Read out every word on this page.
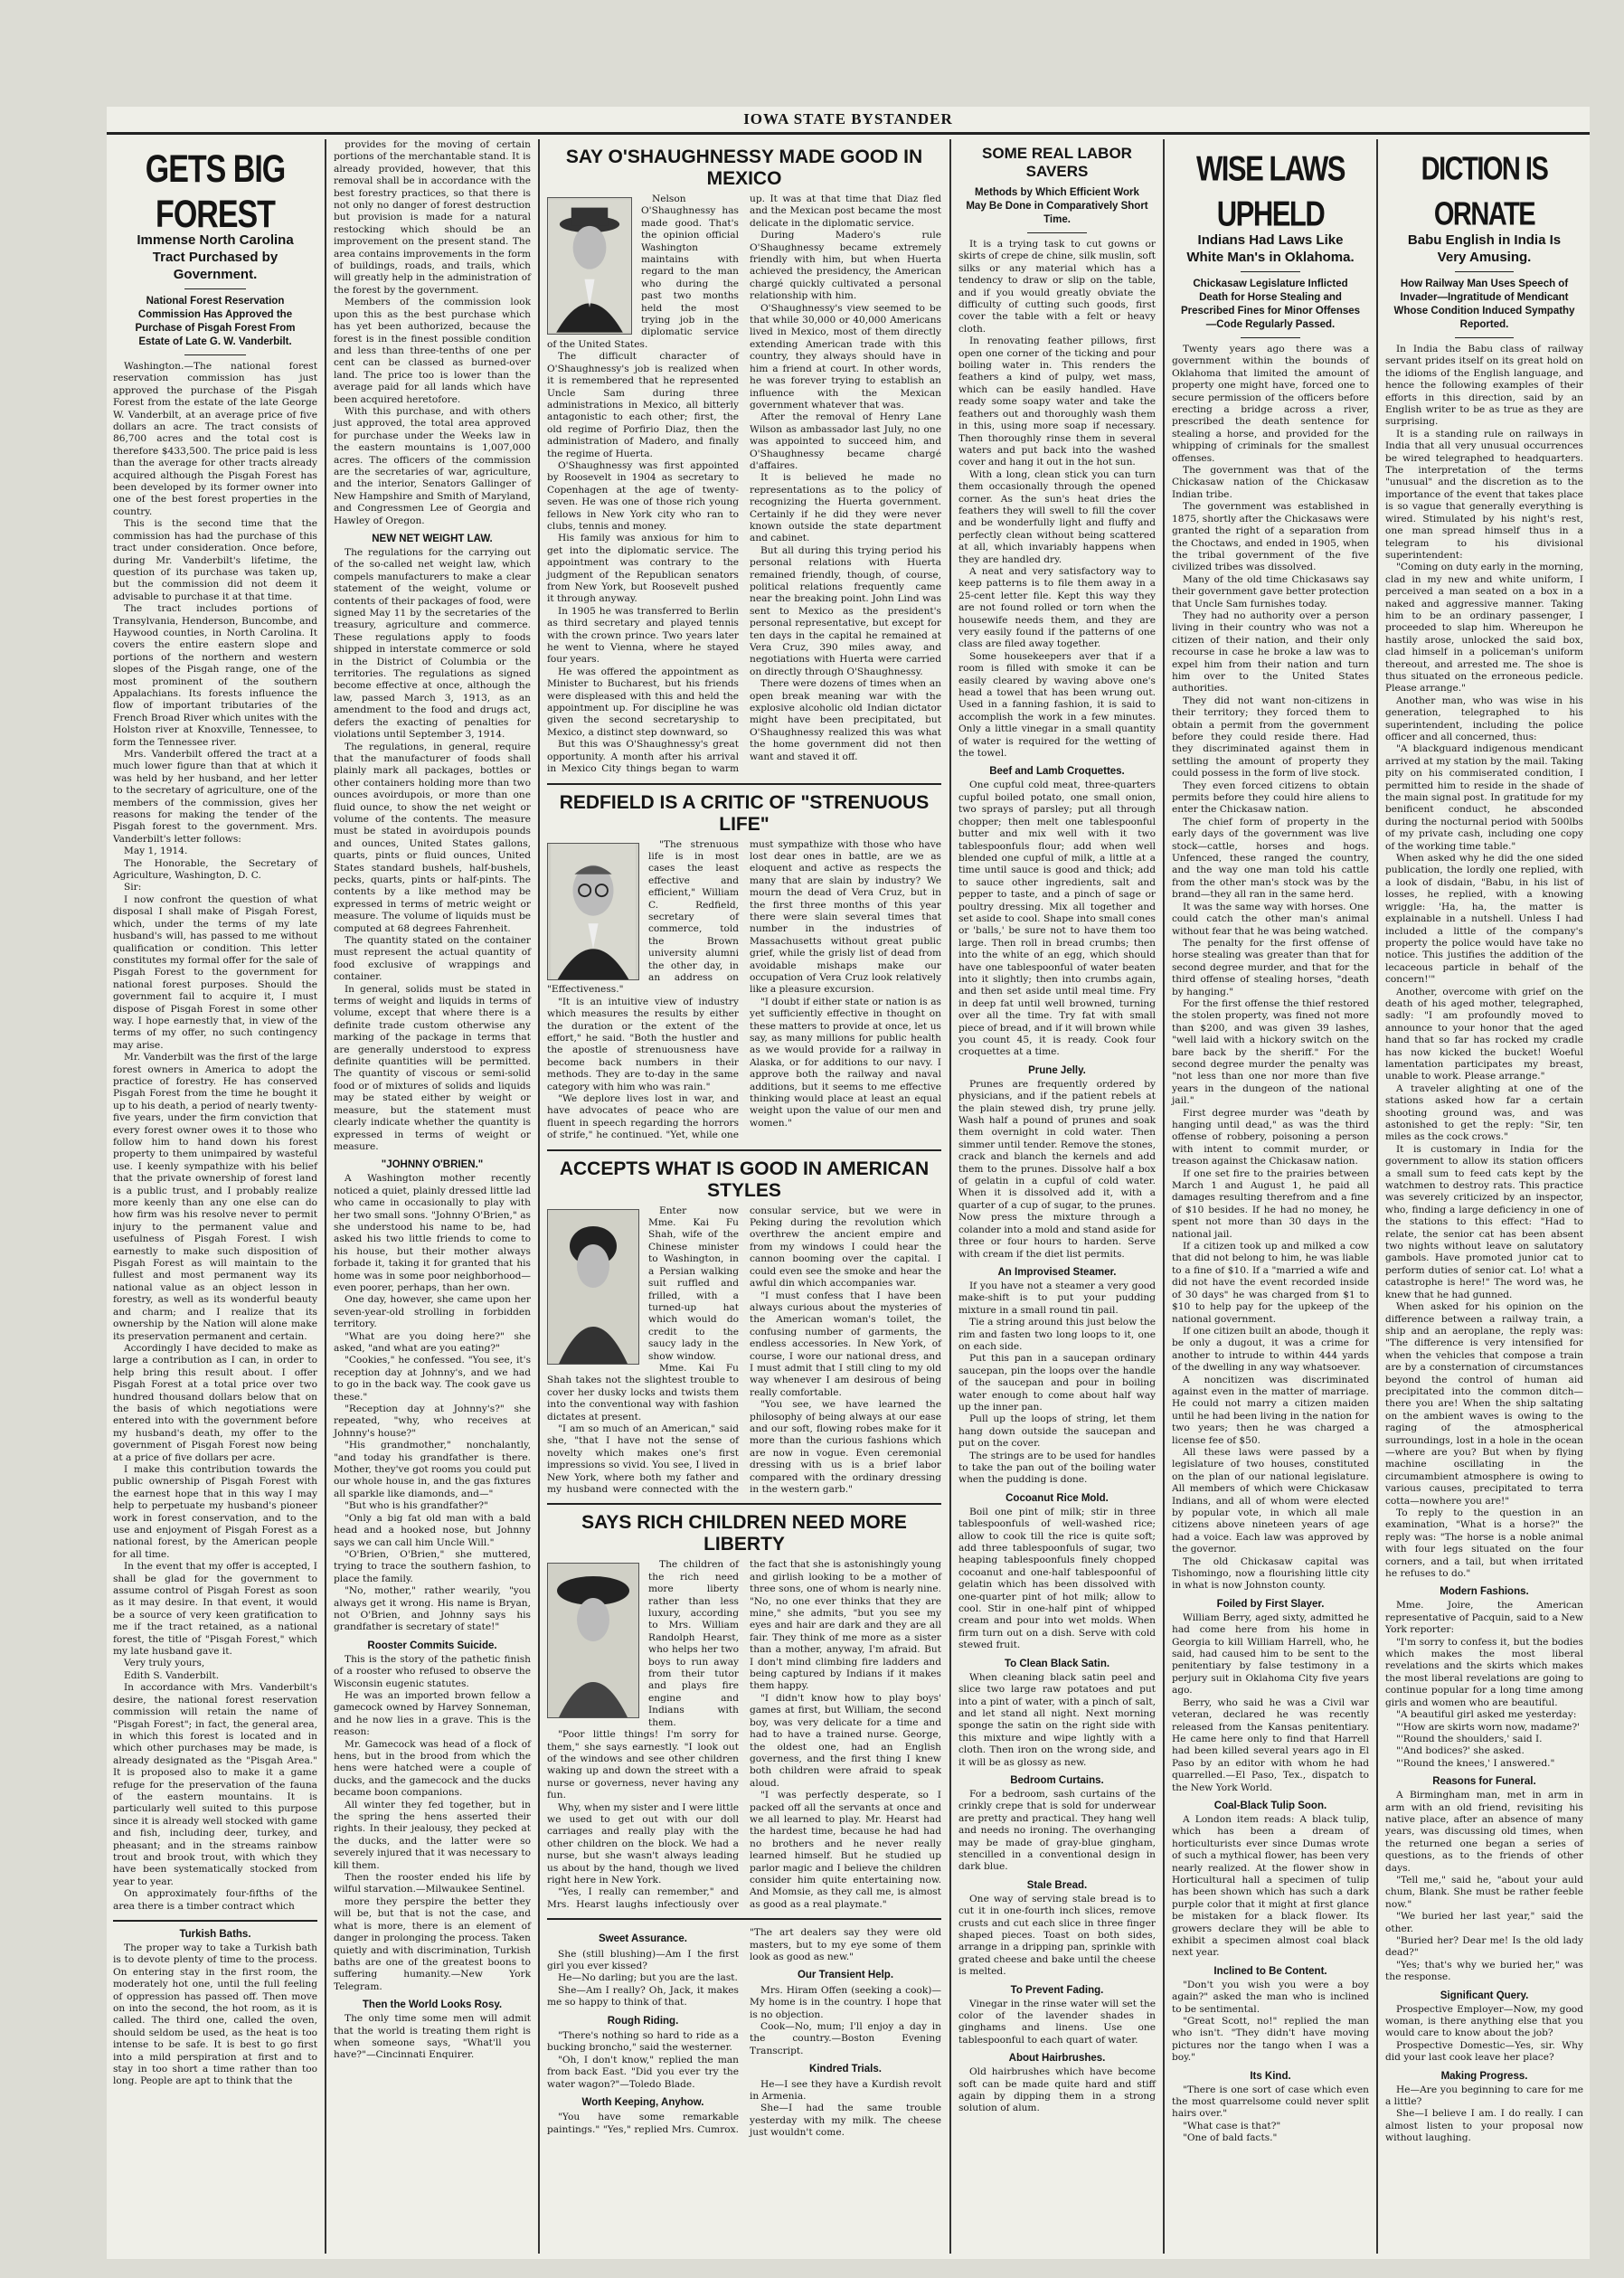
IOWA STATE BYSTANDER
GETS BIG FOREST
Immense North Carolina Tract Purchased by Government.
National Forest Reservation Commission Has Approved the Purchase of Pisgah Forest From Estate of Late G. W. Vanderbilt.

Washington.—The national forest reservation commission has just approved the purchase of the Pisgah Forest from the estate of the late George W. Vanderbilt, at an average price of five dollars an acre. The tract consists of 86,700 acres and the total cost is therefore $433,500. The price paid is less than the average for other tracts already acquired although the Pisgah Forest has been developed by its former owner into one of the best forest properties in the country.

This is the second time that the commission has had the purchase of this tract under consideration. Once before, during Mr. Vanderbilt's lifetime, the question of its purchase was taken up, but the commission did not deem it advisable to purchase it at that time.

The tract includes portions of Transylvania, Henderson, Buncombe, and Haywood counties, in North Carolina. It covers the entire eastern slope and portions of the northern and western slopes of the Pisgah range, one of the most prominent of the southern Appalachians. Its forests influence the flow of important tributaries of the French Broad River which unites with the Holston river at Knoxville, Tennessee, to form the Tennessee river.

Mrs. Vanderbilt offered the tract at a much lower figure than that at which it was held by her husband, and her letter to the secretary of agriculture, one of the members of the commission, gives her reasons for making the tender of the Pisgah forest to the government. Mrs. Vanderbilt's letter follows:

May 1, 1914.

The Honorable, the Secretary of Agriculture, Washington, D. C.

Sir:

I now confront the question of what disposal I shall make of Pisgah Forest, which, under the terms of my late husband's will, has passed to me without qualification or condition. This letter constitutes my formal offer for the sale of Pisgah Forest to the government for national forest purposes. Should the government fail to acquire it, I must dispose of Pisgah Forest in some other way. I hope earnestly that, in view of the terms of my offer, no such contingency may arise.

Mr. Vanderbilt was the first of the large forest owners in America to adopt the practice of forestry. He has conserved Pisgah Forest from the time he bought it up to his death, a period of nearly twenty-five years, under the firm conviction that every forest owner owes it to those who follow him to hand down his forest property to them unimpaired by wasteful use. I keenly sympathize with his belief that the private ownership of forest land is a public trust, and I probably realize more keenly than any one else can do how firm was his resolve never to permit injury to the permanent value and usefulness of Pisgah Forest. I wish earnestly to make such disposition of Pisgah Forest as will maintain to the fullest and most permanent way its national value as an object lesson in forestry, as well as its wonderful beauty and charm; and I realize that its ownership by the Nation will alone make its preservation permanent and certain.

Accordingly I have decided to make as large a contribution as I can, in order to help bring this result about. I offer Pisgah Forest at a total price over two hundred thousand dollars below that on the basis of which negotiations were entered into with the government before my husband's death, my offer to the government of Pisgah Forest now being at a price of five dollars per acre.

I make this contribution towards the public ownership of Pisgah Forest with the earnest hope that in this way I may help to perpetuate my husband's pioneer work in forest conservation, and to the use and enjoyment of Pisgah Forest as a national forest, by the American people for all time.

In the event that my offer is accepted, I shall be glad for the government to assume control of Pisgah Forest as soon as it may desire. In that event, it would be a source of very keen gratification to me if the tract retained, as a national forest, the title of "Pisgah Forest," which my late husband gave it.

Very truly yours,

Edith S. Vanderbilt.

In accordance with Mrs. Vanderbilt's desire, the national forest reservation commission will retain the name of "Pisgah Forest"; in fact, the general area, in which this forest is located and in which other purchases may be made, is already designated as the "Pisgah Area." It is proposed also to make it a game refuge for the preservation of the fauna of the eastern mountains. It is particularly well suited to this purpose since it is already well stocked with game and fish, including deer, turkey, and pheasant; and in the streams rainbow trout and brook trout, with which they have been systematically stocked from year to year.

On approximately four-fifths of the area there is a timber contract which

Turkish Baths.

The proper way to take a Turkish bath is to devote plenty of time to the process. On entering stay in the first room, the moderately hot one, until the full feeling of oppression has passed off. Then move on into the second, the hot room, as it is called. The third one, called the oven, should seldom be used, as the heat is too intense to be safe. It is best to go first into a mild perspiration at first and to stay in too short a time rather than too long. People are apt to think that the

provides for the moving of certain portions of the merchantable stand. It is already provided, however, that this removal shall be in accordance with the best forestry practices, so that there is not only no danger of forest destruction but provision is made for a natural restocking which should be an improvement on the present stand. The area contains improvements in the form of buildings, roads, and trails, which will greatly help in the administration of the forest by the government.

Members of the commission look upon this as the best purchase which has yet been authorized, because the forest is in the finest possible condition and less than three-tenths of one per cent can be classed as burned-over land. The price too is lower than the average paid for all lands which have been acquired heretofore.

With this purchase, and with others just approved, the total area approved for purchase under the Weeks law in the eastern mountains is 1,007,000 acres. The officers of the commission are the secretaries of war, agriculture, and the interior, Senators Gallinger of New Hampshire and Smith of Maryland, and Congressmen Lee of Georgia and Hawley of Oregon.

NEW NET WEIGHT LAW.

The regulations for the carrying out of the so-called net weight law, which compels manufacturers to make a clear statement of the weight, volume or contents of their packages of food, were signed May 11 by the secretaries of the treasury, agriculture and commerce. These regulations apply to foods shipped in interstate commerce or sold in the District of Columbia or the territories. The regulations as signed become effective at once, although the law, passed March 3, 1913, as an amendment to the food and drugs act, defers the exacting of penalties for violations until September 3, 1914.

The regulations, in general, require that the manufacturer of foods shall plainly mark all packages, bottles or other containers holding more than two ounces avoirdupois, or more than one fluid ounce, to show the net weight or volume of the contents. The measure must be stated in avoirdupois pounds and ounces, United States gallons, quarts, pints or fluid ounces, United States standard bushels, half-bushels, pecks, quarts, pints or half-pints. The contents by a like method may be expressed in terms of metric weight or measure. The volume of liquids must be computed at 68 degrees Fahrenheit.

The quantity stated on the container must represent the actual quantity of food exclusive of wrappings and container.

In general, solids must be stated in terms of weight and liquids in terms of volume, except that where there is a definite trade custom otherwise any marking of the package in terms that are generally understood to express definite quantities will be permitted. The quantity of viscous or semi-solid food or of mixtures of solids and liquids may be stated either by weight or measure, but the statement must clearly indicate whether the quantity is expressed in terms of weight or measure.

"JOHNNY O'BRIEN."

A Washington mother recently noticed a quiet, plainly dressed little lad who came in occasionally to play with her two small sons. "Johnny O'Brien," as she understood his name to be, had asked his two little friends to come to his house, but their mother always forbade it, taking it for granted that his home was in some poor neighborhood—even poorer, perhaps, than her own.

One day, however, she came upon her seven-year-old strolling in forbidden territory.

"What are you doing here?" she asked, "and what are you eating?"

"Cookies," he confessed. "You see, it's reception day at Johnny's, and we had to go in the back way. The cook gave us these."

"Reception day at Johnny's?" she repeated, "why, who receives at Johnny's house?"

"His grandmother," nonchalantly, "and today his grandfather is there. Mother, they've got rooms you could put our whole house in, and the gas fixtures all sparkle like diamonds, and—"

"But who is his grandfather?"

"Only a big fat old man with a bald head and a hooked nose, but Johnny says we can call him Uncle Will."

"O'Brien, O'Brien," she muttered, trying to trace the southern fashion, to place the family.

"No, mother," rather wearily, "you always get it wrong. His name is Bryan, not O'Brien, and Johnny says his grandfather is secretary of state!"

Rooster Commits Suicide.

This is the story of the pathetic finish of a rooster who refused to observe the Wisconsin eugenic statutes.

He was an imported brown fellow a gamecock owned by Harvey Sonneman, and he now lies in a grave. This is the reason:

Mr. Gamecock was head of a flock of hens, but in the brood from which the hens were hatched were a couple of ducks, and the gamecock and the ducks became boon companions.

All winter they fed together, but in the spring the hens asserted their rights. In their jealousy, they pecked at the ducks, and the latter were so severely injured that it was necessary to kill them.

Then the rooster ended his life by wilful starvation.—Milwaukee Sentinel.

more they perspire the better they will be, but that is not the case, and what is more, there is an element of danger in prolonging the process. Taken quietly and with discrimination, Turkish baths are one of the greatest boons to suffering humanity.—New York Telegram.

Then the World Looks Rosy.

The only time some men will admit that the world is treating them right is when someone says, "What'll you have?"—Cincinnati Enquirer.

SAY O'SHAUGHNESSY MADE GOOD IN MEXICO

Nelson O'Shaughnessy has made good. That's the opinion official Washington maintains with regard to the man who during the past two months held the most trying job in the diplomatic service of the United States.

The difficult character of O'Shaughnessy's job is realized when it is remembered that he represented Uncle Sam during three administrations in Mexico, all bitterly antagonistic to each other; first, the old regime of Porfirio Diaz, then the administration of Madero, and finally the regime of Huerta.

O'Shaughnessy was first appointed by Roosevelt in 1904 as secretary to Copenhagen at the age of twenty-seven. He was one of those rich young fellows in New York city who ran to clubs, tennis and money.

His family was anxious for him to get into the diplomatic service. The appointment was contrary to the judgment of the Republican senators from New York, but Roosevelt pushed it through anyway.

In 1905 he was transferred to Berlin as third secretary and played tennis with the crown prince. Two years later he went to Vienna, where he stayed four years.

He was offered the appointment as Minister to Bucharest, but his friends were displeased with this and held the appointment up. For discipline he was given the second secretaryship to Mexico, a distinct step downward, so

But this was O'Shaughnessy's great opportunity. A month after his arrival in Mexico City things began to warm up. It was at that time that Diaz fled and the Mexican post became the most delicate in the diplomatic service.

During Madero's rule O'Shaughnessy became extremely friendly with him, but when Huerta achieved the presidency, the American chargé quickly cultivated a personal relationship with him.

O'Shaughnessy's view seemed to be that while 30,000 or 40,000 Americans lived in Mexico, most of them directly extending American trade with this country, they always should have in him a friend at court. In other words, he was forever trying to establish an influence with the Mexican government whatever that was.

After the removal of Henry Lane Wilson as ambassador last July, no one was appointed to succeed him, and O'Shaughnessy became chargé d'affaires.

It is believed he made no representations as to the policy of recognizing the Huerta government. Certainly if he did they were never known outside the state department and cabinet.

But all during this trying period his personal relations with Huerta remained friendly, though, of course, political relations frequently came near the breaking point. John Lind was sent to Mexico as the president's personal representative, but except for ten days in the capital he remained at Vera Cruz, 390 miles away, and negotiations with Huerta were carried on directly through O'Shaughnessy.

There were dozens of times when an open break meaning war with the explosive alcoholic old Indian dictator might have been precipitated, but O'Shaughnessy realized this was what the home government did not then want and staved it off.

REDFIELD IS A CRITIC OF "STRENUOUS LIFE"

"The strenuous life is in most cases the least effective and efficient," William C. Redfield, secretary of commerce, told the Brown university alumni the other day, in an address on "Effectiveness."

"It is an intuitive view of industry which measures the results by either the duration or the extent of the effort," he said. "Both the hustler and the apostle of strenuousness have become back numbers in their methods. They are to-day in the same category with him who was rain."

"We deplore lives lost in war, and have advocates of peace who are fluent in speech regarding the horrors of strife," he continued. "Yet, while one must sympathize with those who have lost dear ones in battle, are we as eloquent and active as respects the many that are slain by industry? We mourn the dead of Vera Cruz, but in the first three months of this year there were slain several times that number in the industries of Massachusetts without great public grief, while the grisly list of dead from avoidable mishaps make our occupation of Vera Cruz look relatively like a pleasure excursion.

"I doubt if either state or nation is as yet sufficiently effective in thought on these matters to provide at once, let us say, as many millions for public health as we would provide for a railway in Alaska, or for additions to our navy. I approve both the railway and naval additions, but it seems to me effective thinking would place at least an equal weight upon the value of our men and women."

ACCEPTS WHAT IS GOOD IN AMERICAN STYLES

Enter now Mme. Kai Fu Shah, wife of the Chinese minister to Washington, in a Persian walking suit ruffled and frilled, with a turned-up hat which would do credit to the saucy lady in the show window.

Mme. Kai Fu Shah takes not the slightest trouble to cover her dusky locks and twists them into the conventional way with fashion dictates at present.

"I am so much of an American," said she, "that I have not the sense of novelty which makes one's first impressions so vivid. You see, I lived in New York, where both my father and my husband were connected with the consular service, but we were in Peking during the revolution which overthrew the ancient empire and from my windows I could hear the cannon booming over the capital. I could even see the smoke and hear the awful din which accompanies war.

"I must confess that I have been always curious about the mysteries of the American woman's toilet, the confusing number of garments, the endless accessories. In New York, of course, I wore our national dress, and I must admit that I still cling to my old way whenever I am desirous of being really comfortable.

"You see, we have learned the philosophy of being always at our ease and our soft, flowing robes make for it more than the curious fashions which are now in vogue. Even ceremonial dressing with us is a brief labor compared with the ordinary dressing in the western garb."

SAYS RICH CHILDREN NEED MORE LIBERTY

The children of the rich need more liberty rather than less luxury, according to Mrs. William Randolph Hearst, who helps her two boys to run away from their tutor and plays fire engine and Indians with them.

"Poor little things! I'm sorry for them," she says earnestly. "I look out of the windows and see other children waking up and down the street with a nurse or governess, never having any fun.

Why, when my sister and I were little we used to get out with our doll carriages and really play with the other children on the block. We had a nurse, but she wasn't always leading us about by the hand, though we lived right here in New York.

"Yes, I really can remember," and Mrs. Hearst laughs infectiously over the fact that she is astonishingly young and girlish looking to be a mother of three sons, one of whom is nearly nine. "No, no one ever thinks that they are mine," she admits, "but you see my eyes and hair are dark and they are all fair. They think of me more as a sister than a mother, anyway, I'm afraid. But I don't mind climbing fire ladders and being captured by Indians if it makes them happy.

"I didn't know how to play boys' games at first, but William, the second boy, was very delicate for a time and had to have a trained nurse. George, the oldest one, had an English governess, and the first thing I knew both children were afraid to speak aloud.

"I was perfectly desperate, so I packed off all the servants at once and we all learned to play. Mr. Hearst had the hardest time, because he had had no brothers and he never really learned himself. But he studied up parlor magic and I believe the children consider him quite entertaining now. And Momsie, as they call me, is almost as good as a real playmate."

Sweet Assurance.

She (still blushing)—Am I the first girl you ever kissed?

He—No darling; but you are the last.

She—Am I really? Oh, Jack, it makes me so happy to think of that.

Rough Riding.

"There's nothing so hard to ride as a bucking broncho," said the westerner.

"Oh, I don't know," replied the man from back East. "Did you ever try the water wagon?"—Toledo Blade.

Worth Keeping, Anyhow.

"You have some remarkable paintings." "Yes," replied Mrs. Cumrox. "The art dealers say they were old masters, but to my eye some of them look as good as new."

Our Transient Help.

Mrs. Hiram Offen (seeking a cook)—My home is in the country. I hope that is no objection.

Cook—No, mum; I'll enjoy a day in the country.—Boston Evening Transcript.

Kindred Trials.

He—I see they have a Kurdish revolt in Armenia.

She—I had the same trouble yesterday with my milk. The cheese just wouldn't come.

SOME REAL LABOR SAVERS
Methods by Which Efficient Work May Be Done in Comparatively Short Time.

It is a trying task to cut gowns or skirts of crepe de chine, silk muslin, soft silks or any material which has a tendency to draw or slip on the table, and if you would greatly obviate the difficulty of cutting such goods, first cover the table with a felt or heavy cloth.

In renovating feather pillows, first open one corner of the ticking and pour boiling water in. This renders the feathers a kind of pulpy, wet mass, which can be easily handled. Have ready some soapy water and take the feathers out and thoroughly wash them in this, using more soap if necessary. Then thoroughly rinse them in several waters and put back into the washed cover and hang it out in the hot sun.

With a long, clean stick you can turn them occasionally through the opened corner. As the sun's heat dries the feathers they will swell to fill the cover and be wonderfully light and fluffy and perfectly clean without being scattered at all, which invariably happens when they are handled dry.

A neat and very satisfactory way to keep patterns is to file them away in a 25-cent letter file. Kept this way they are not found rolled or torn when the housewife needs them, and they are very easily found if the patterns of one class are filed away together.

Some housekeepers aver that if a room is filled with smoke it can be easily cleared by waving above one's head a towel that has been wrung out. Used in a fanning fashion, it is said to accomplish the work in a few minutes. Only a little vinegar in a small quantity of water is required for the wetting of the towel.

Beef and Lamb Croquettes.

One cupful cold meat, three-quarters cupful boiled potato, one small onion, two sprays of parsley; put all through chopper; then melt one tablespoonful butter and mix well with it two tablespoonfuls flour; add when well blended one cupful of milk, a little at a time until sauce is good and thick; add to sauce other ingredients, salt and pepper to taste, and a pinch of sage or poultry dressing. Mix all together and set aside to cool. Shape into small cones or 'balls,' be sure not to have them too large. Then roll in bread crumbs; then into the white of an egg, which should have one tablespoonful of water beaten into it slightly; then into crumbs again, and then set aside until meal time. Fry in deep fat until well browned, turning over all the time. Try fat with small piece of bread, and if it will brown while you count 45, it is ready. Cook four croquettes at a time.

Prune Jelly.

Prunes are frequently ordered by physicians, and if the patient rebels at the plain stewed dish, try prune jelly. Wash half a pound of prunes and soak them overnight in cold water. Then simmer until tender. Remove the stones, crack and blanch the kernels and add them to the prunes. Dissolve half a box of gelatin in a cupful of cold water. When it is dissolved add it, with a quarter of a cup of sugar, to the prunes. Now press the mixture through a colander into a mold and stand aside for three or four hours to harden. Serve with cream if the diet list permits.

An Improvised Steamer.

If you have not a steamer a very good make-shift is to put your pudding mixture in a small round tin pail.

Tie a string around this just below the rim and fasten two long loops to it, one on each side.

Put this pan in a saucepan ordinary saucepan, pin the loops over the handle of the saucepan and pour in boiling water enough to come about half way up the inner pan.

Pull up the loops of string, let them hang down outside the saucepan and put on the cover.

The strings are to be used for handles to take the pan out of the boiling water when the pudding is done.

Cocoanut Rice Mold.

Boil one pint of milk; stir in three tablespoonfuls of well-washed rice; allow to cook till the rice is quite soft; add three tablespoonfuls of sugar, two heaping tablespoonfuls finely chopped cocoanut and one-half tablespoonful of gelatin which has been dissolved with one-quarter pint of hot milk; allow to cool. Stir in one-half pint of whipped cream and pour into wet molds. When firm turn out on a dish. Serve with cold stewed fruit.

To Clean Black Satin.

When cleaning black satin peel and slice two large raw potatoes and put into a pint of water, with a pinch of salt, and let stand all night. Next morning sponge the satin on the right side with this mixture and wipe lightly with a cloth. Then iron on the wrong side, and it will be as glossy as new.

Bedroom Curtains.

For a bedroom, sash curtains of the crinkly crepe that is sold for underwear are pretty and practical. They hang well and needs no ironing. The overhanging may be made of gray-blue gingham, stencilled in a conventional design in dark blue.

Stale Bread.

One way of serving stale bread is to cut it in one-fourth inch slices, remove crusts and cut each slice in three finger shaped pieces. Toast on both sides, arrange in a dripping pan, sprinkle with grated cheese and bake until the cheese is melted.

To Prevent Fading.

Vinegar in the rinse water will set the color of the lavender shades in ginghams and linens. Use one tablespoonful to each quart of water.

About Hairbrushes.

Old hairbrushes which have become soft can be made quite hard and stiff again by dipping them in a strong solution of alum.

WISE LAWS UPHELD
Indians Had Laws Like White Man's in Oklahoma.
Chickasaw Legislature Inflicted Death for Horse Stealing and Prescribed Fines for Minor Offenses—Code Regularly Passed.

Twenty years ago there was a government within the bounds of Oklahoma that limited the amount of property one might have, forced one to secure permission of the officers before erecting a bridge across a river, prescribed the death sentence for stealing a horse, and provided for the whipping of criminals for the smallest offenses.

The government was that of the Chickasaw nation of the Chickasaw Indian tribe.

The government was established in 1875, shortly after the Chickasaws were granted the right of a separation from the Choctaws, and ended in 1905, when the tribal government of the five civilized tribes was dissolved.

Many of the old time Chickasaws say their government gave better protection that Uncle Sam furnishes today.

They had no authority over a person living in their country who was not a citizen of their nation, and their only recourse in case he broke a law was to expel him from their nation and turn him over to the United States authorities.

They did not want non-citizens in their territory; they forced them to obtain a permit from the government before they could reside there. Had they discriminated against them in settling the amount of property they could possess in the form of live stock.

They even forced citizens to obtain permits before they could hire aliens to enter the Chickasaw nation.

The chief form of property in the early days of the government was live stock—cattle, horses and hogs. Unfenced, these ranged the country, and the way one man told his cattle from the other man's stock was by the brand—they all ran in the same herd.

It was the same way with horses. One could catch the other man's animal without fear that he was being watched.

The penalty for the first offense of horse stealing was greater than that for second degree murder, and that for the third offense of stealing horses, "death by hanging."

For the first offense the thief restored the stolen property, was fined not more than $200, and was given 39 lashes, "well laid with a hickory switch on the bare back by the sheriff." For the second degree murder the penalty was "not less than one nor more than five years in the dungeon of the national jail."

First degree murder was "death by hanging until dead," as was the third offense of robbery, poisoning a person with intent to commit murder, or treason against the Chickasaw nation.

If one set fire to the prairies between March 1 and August 1, he paid all damages resulting therefrom and a fine of $10 besides. If he had no money, he spent not more than 30 days in the national jail.

If a citizen took up and milked a cow that did not belong to him, he was liable to a fine of $10. If a "married a wife and did not have the event recorded inside of 30 days" he was charged from $1 to $10 to help pay for the upkeep of the national government.

If one citizen built an abode, though it be only a dugout, it was a crime for another to intrude to within 444 yards of the dwelling in any way whatsoever.

A noncitizen was discriminated against even in the matter of marriage. He could not marry a citizen maiden until he had been living in the nation for two years; then he was charged a license fee of $50.

All these laws were passed by a legislature of two houses, constituted on the plan of our national legislature. All members of which were Chickasaw Indians, and all of whom were elected by popular vote, in which all male citizens above nineteen years of age had a voice. Each law was approved by the governor.

The old Chickasaw capital was Tishomingo, now a flourishing little city in what is now Johnston county.

Foiled by First Slayer.

William Berry, aged sixty, admitted he had come here from his home in Georgia to kill William Harrell, who, he said, had caused him to be sent to the penitentiary by false testimony in a perjury suit in Oklahoma City five years ago.

Berry, who said he was a Civil war veteran, declared he was recently released from the Kansas penitentiary. He came here only to find that Harrell had been killed several years ago in El Paso by an editor with whom he had quarrelled.—El Paso, Tex., dispatch to the New York World.

Coal-Black Tulip Soon.

A London item reads: A black tulip, which has been a dream of horticulturists ever since Dumas wrote of such a mythical flower, has been very nearly realized. At the flower show in Horticultural hall a specimen of tulip has been shown which has such a dark purple color that it might at first glance be mistaken for a black flower. Its growers declare they will be able to exhibit a specimen almost coal black next year.

Inclined to Be Content.

"Don't you wish you were a boy again?" asked the man who is inclined to be sentimental.

"Great Scott, no!" replied the man who isn't. "They didn't have moving pictures nor the tango when I was a boy."

Its Kind.

"There is one sort of case which even the most quarrelsome could never split hairs over."

"What case is that?"

"One of bald facts."

DICTION IS ORNATE
Babu English in India Is Very Amusing.
How Railway Man Uses Speech of Invader—Ingratitude of Mendicant Whose Condition Induced Sympathy Reported.

In India the Babu class of railway servant prides itself on its great hold on the idioms of the English language, and hence the following examples of their efforts in this direction, said by an English writer to be as true as they are surprising.

It is a standing rule on railways in India that all very unusual occurrences be wired telegraphed to headquarters. The interpretation of the terms "unusual" and the discretion as to the importance of the event that takes place is so vague that generally everything is wired. Stimulated by his night's rest, one man spread himself thus in a telegram to his divisional superintendent:

"Coming on duty early in the morning, clad in my new and white uniform, I perceived a man seated on a box in a naked and aggressive manner. Taking him to be an ordinary passenger, I proceeded to slap him. Whereupon he hastily arose, unlocked the said box, clad himself in a policeman's uniform thereout, and arrested me. The shoe is thus situated on the erroneous pedicle. Please arrange."

Another man, who was wise in his generation, telegraphed to his superintendent, including the police officer and all concerned, thus:

"A blackguard indigenous mendicant arrived at my station by the mail. Taking pity on his commiserated condition, I permitted him to reside in the shade of the main signal post. In gratitude for my benificent conduct, he absconded during the nocturnal period with 500lbs of my private cash, including one copy of the working time table."

When asked why he did the one sided publication, the lordly one replied, with a look of disdain, "Babu, in his list of losses, he replied, with a knowing wriggle: 'Ha, ha, the matter is explainable in a nutshell. Unless I had included a little of the company's property the police would have take no notice. This justifies the addition of the lecaceous particle in behalf of the concern!'"

Another, overcome with grief on the death of his aged mother, telegraphed, sadly: "I am profoundly moved to announce to your honor that the aged hand that so far has rocked my cradle has now kicked the bucket! Woeful lamentation participates my breast, unable to work. Please arrange."

A traveler alighting at one of the stations asked how far a certain shooting ground was, and was astonished to get the reply: "Sir, ten miles as the cock crows."

It is customary in India for the government to allow its station officers a small sum to feed cats kept by the watchmen to destroy rats. This practice was severely criticized by an inspector, who, finding a large deficiency in one of the stations to this effect: "Had to relate, the senior cat has been absent two nights without leave on salutatory gambols. Have promoted junior cat to perform duties of senior cat. Lo! what a catastrophe is here!" The word was, he knew that he had gunned.

When asked for his opinion on the difference between a railway train, a ship and an aeroplane, the reply was: "The difference is very intensified for when the vehicles that compose a train are by a consternation of circumstances beyond the control of human aid precipitated into the common ditch—there you are! When the ship saltating on the ambient waves is owing to the raging of the atmospherical surroundings, lost in a hole in the ocean—where are you? But when by flying machine oscillating in the circumambient atmosphere is owing to various causes, precipitated to terra cotta—nowhere you are!"

To reply to the question in an examination, "What is a horse?" the reply was: "The horse is a noble animal with four legs situated on the four corners, and a tail, but when irritated he refuses to do."

Modern Fashions.

Mme. Joire, the American representative of Pacquin, said to a New York reporter:

"I'm sorry to confess it, but the bodies which makes the most liberal revelations and the skirts which makes the most liberal revelations are going to continue popular for a long time among girls and women who are beautiful.

"A beautiful girl asked me yesterday:

"'How are skirts worn now, madame?'

"'Round the shoulders,' said I.

"'And bodices?' she asked.

"'Round the knees,' I answered."

Reasons for Funeral.

A Birmingham man, met in arm in arm with an old friend, revisiting his native place, after an absence of many years, was discussing old times, when the returned one began a series of questions, as to the friends of other days.

"Tell me," said he, "about your auld chum, Blank. She must be rather feeble now."

"We buried her last year," said the other.

"Buried her? Dear me! Is the old lady dead?"

"Yes; that's why we buried her," was the response.

Significant Query.

Prospective Employer—Now, my good woman, is there anything else that you would care to know about the job?

Prospective Domestic—Yes, sir. Why did your last cook leave her place?

Making Progress.

He—Are you beginning to care for me a little?

She—I believe I am. I do really. I can almost listen to your proposal now without laughing.
